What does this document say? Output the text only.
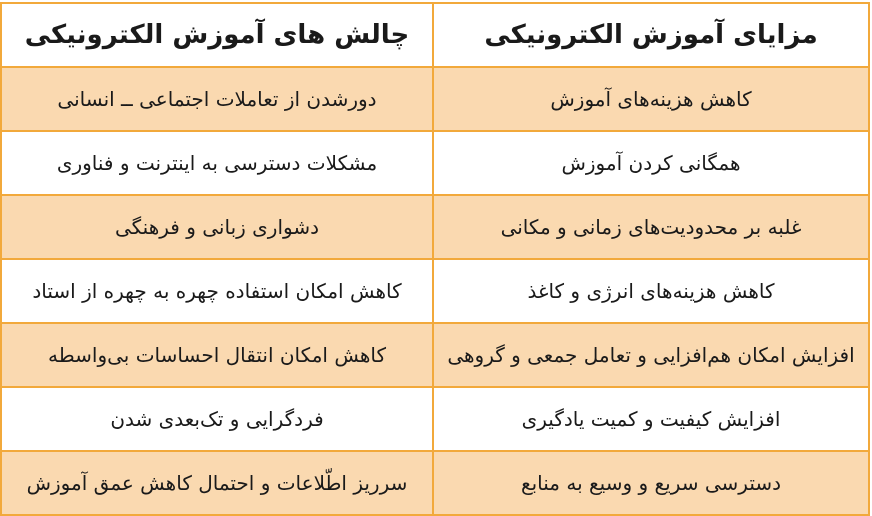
مزایای آموزش الکترونیکی	چالش های آموزش الکترونیکی
کاهش هزینه‌های آموزش	دورشدن از تعاملات اجتماعی ــ انسانی
همگانی کردن آموزش	مشکلات دسترسی به اینترنت و فناوری
غلبه بر محدودیت‌های زمانی و مکانی	دشواری زبانی و فرهنگی
کاهش هزینه‌های انرژی و کاغذ	کاهش امکان استفاده چهره به چهره از استاد
افزایش امکان هم‌افزایی و تعامل جمعی و گروهی	کاهش امکان انتقال احساسات بی‌واسطه
افزایش کیفیت و کمیت یادگیری	فردگرایی و تک‌بعدی شدن
دسترسی سریع و وسیع به منابع	سرریز اطّلاعات و احتمال کاهش عمق آموزش
